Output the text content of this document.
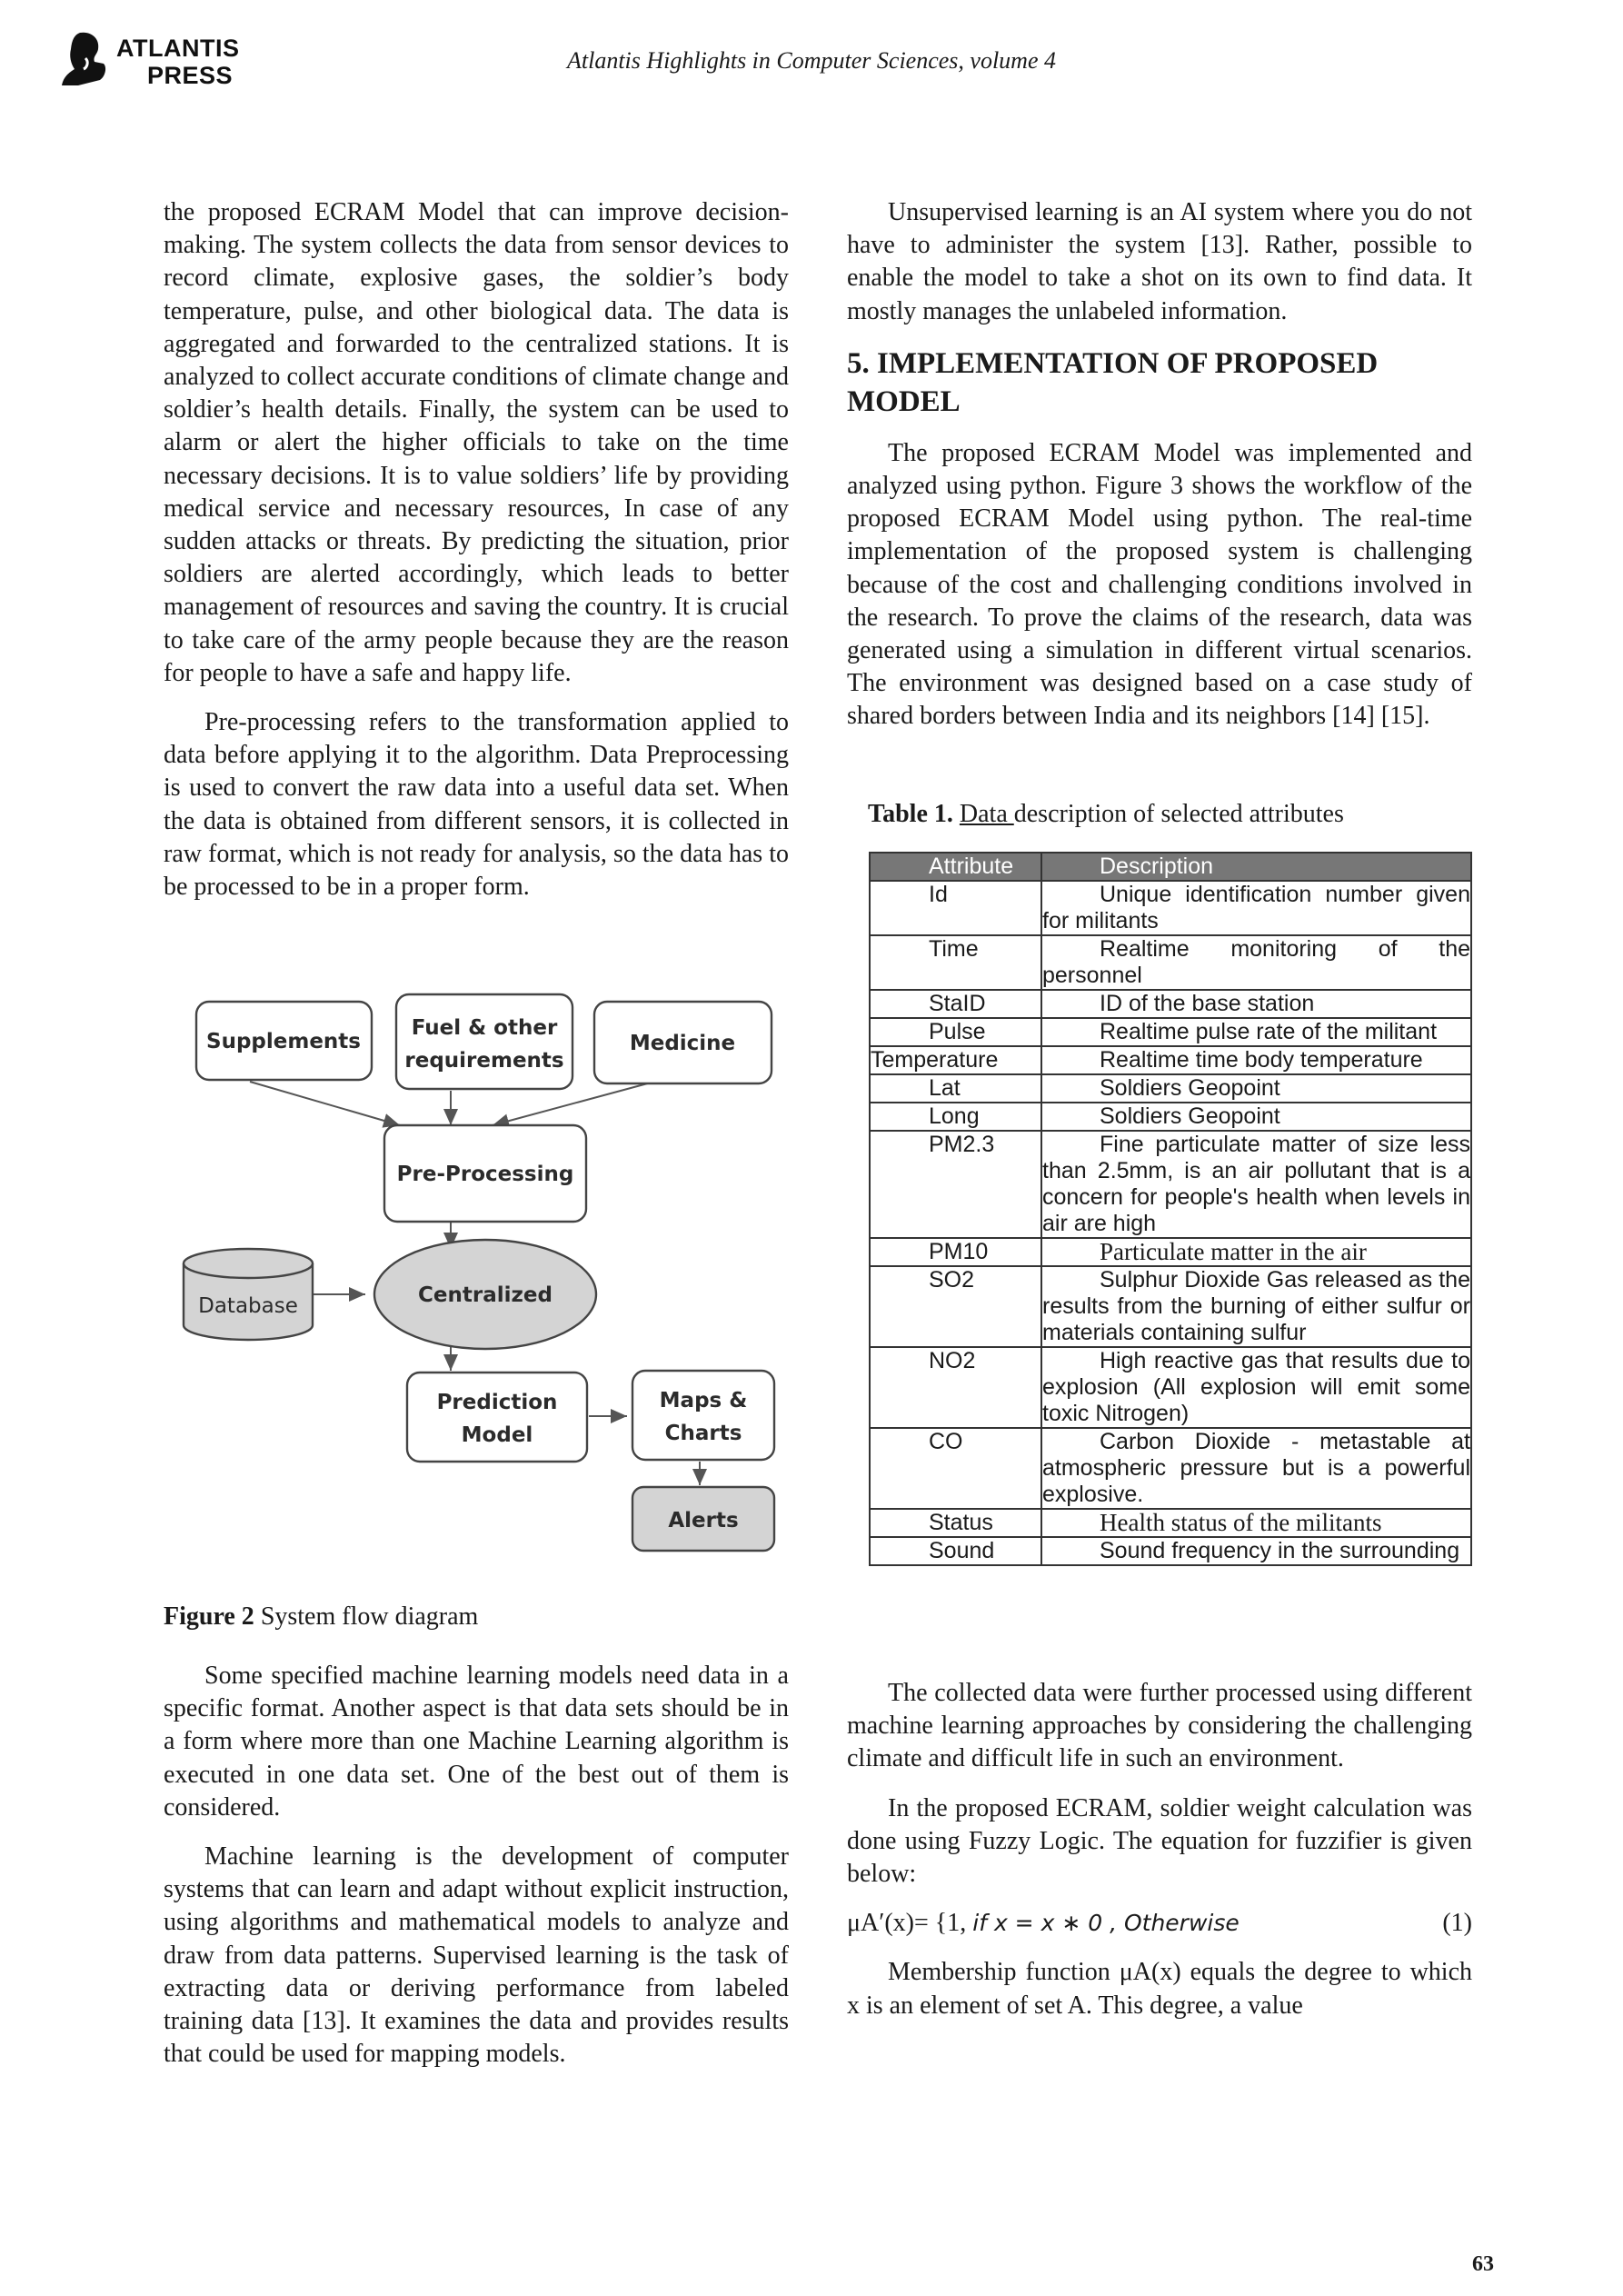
ATLANTIS
PRESS
Atlantis Highlights in Computer Sciences, volume 4

the proposed ECRAM Model that can improve decision-making. The system collects the data from sensor devices to record climate, explosive gases, the soldier’s body temperature, pulse, and other biological data. The data is aggregated and forwarded to the centralized stations. It is analyzed to collect accurate conditions of climate change and soldier’s health details. Finally, the system can be used to alarm or alert the higher officials to take on the time necessary decisions. It is to value soldiers’ life by providing medical service and necessary resources, In case of any sudden attacks or threats. By predicting the situation, prior soldiers are alerted accordingly, which leads to better management of resources and saving the country. It is crucial to take care of the army people because they are the reason for people to have a safe and happy life.

Pre-processing refers to the transformation applied to data before applying it to the algorithm. Data Preprocessing is used to convert the raw data into a useful data set. When the data is obtained from different sensors, it is collected in raw format, which is not ready for analysis, so the data has to be processed to be in a proper form.

Supplements
Fuel & other
requirements
Medicine
Pre-Processing
Database	Centralized
Prediction
Model
Maps &
Charts
Alerts
Figure 2 System flow diagram

Some specified machine learning models need data in a specific format. Another aspect is that data sets should be in a form where more than one Machine Learning algorithm is executed in one data set. One of the best out of them is considered.

Machine learning is the development of computer systems that can learn and adapt without explicit instruction, using algorithms and mathematical models to analyze and draw from data patterns. Supervised learning is the task of extracting data or deriving performance from labeled training data [13]. It examines the data and provides results that could be used for mapping models.

Unsupervised learning is an AI system where you do not have to administer the system [13]. Rather, possible to enable the model to take a shot on its own to find data. It mostly manages the unlabeled information.

5. IMPLEMENTATION OF PROPOSED MODEL

The proposed ECRAM Model was implemented and analyzed using python. Figure 3 shows the workflow of the proposed ECRAM Model using python. The real-time implementation of the proposed system is challenging because of the cost and challenging conditions involved in the research. To prove the claims of the research, data was generated using a simulation in different virtual scenarios. The environment was designed based on a case study of shared borders between India and its neighbors [14] [15].

Table 1. Data description of selected attributes
Attribute	Description

Id	Unique identification number given for militants

Time	Realtime monitoring of the personnel

StaID	ID of the base station

Pulse	Realtime pulse rate of the militant

Temperature	Realtime time body temperature

Lat	Soldiers Geopoint

Long	Soldiers Geopoint

PM2.3	Fine particulate matter of size less than 2.5mm, is an air pollutant that is a concern for people's health when levels in air are high

PM10	Particulate matter in the air

SO2	Sulphur Dioxide Gas released as the results from the burning of either sulfur or materials containing sulfur

NO2	High reactive gas that results due to explosion (All explosion will emit some toxic Nitrogen)

CO	Carbon Dioxide - metastable at atmospheric pressure but is a powerful explosive.

Status	Health status of the militants

Sound	Sound frequency in the surrounding

The collected data were further processed using different machine learning approaches by considering the challenging climate and difficult life in such an environment.

In the proposed ECRAM, soldier weight calculation was done using Fuzzy Logic. The equation for fuzzifier is given below:

μA′(x)= {1, if x = x ∗ 0 , Otherwise	(1)

Membership function μA(x) equals the degree to which x is an element of set A. This degree, a value

63
